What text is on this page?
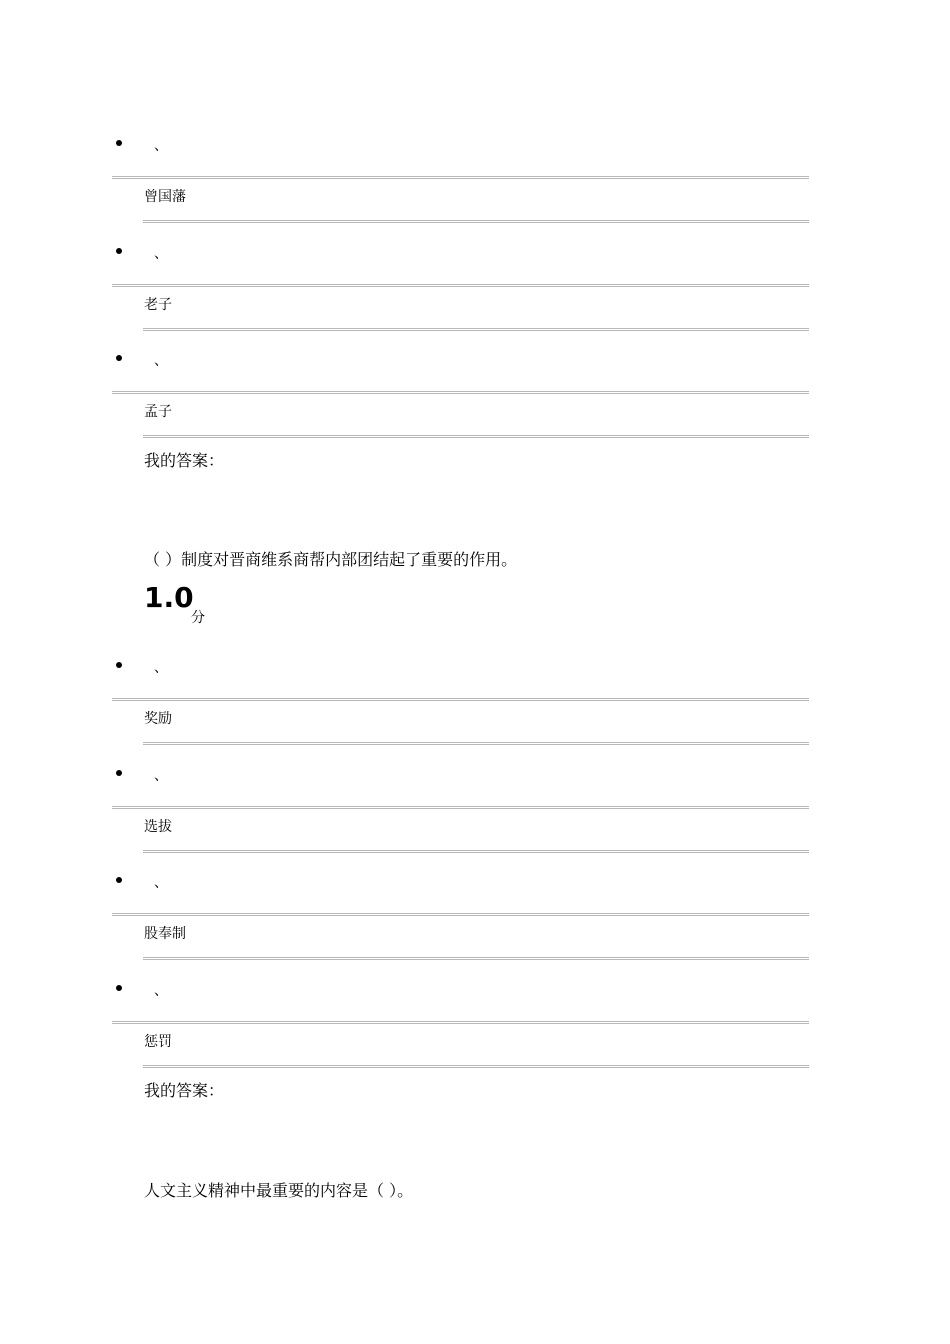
、
曾国藩
、
老子
、
孟子
我的答案：
（ ）制度对晋商维系商帮内部团结起了重要的作用。
1.0
分
、
奖励
、
选拔
、
股奉制
、
惩罚
我的答案：
人文主义精神中最重要的内容是（ ）。
